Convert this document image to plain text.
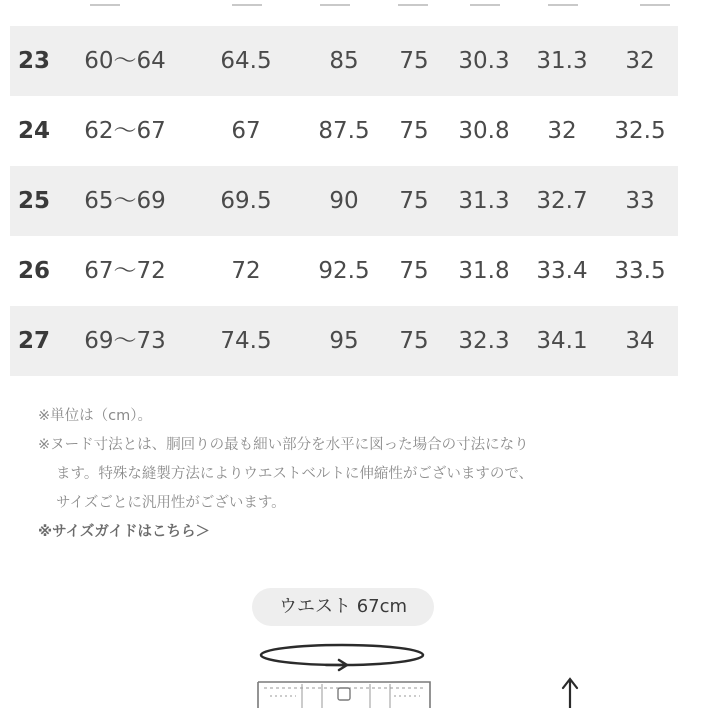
23	60〜64	64.5	85	75	30.3	31.3	32
24	62〜67	67	87.5	75	30.8	32	32.5
25	65〜69	69.5	90	75	31.3	32.7	33
26	67〜72	72	92.5	75	31.8	33.4	33.5
27	69〜73	74.5	95	75	32.3	34.1	34
※単位は（cm）。
※ヌード寸法とは、胴回りの最も細い部分を水平に図った場合の寸法になり
ます。特殊な縫製方法によりウエストベルトに伸縮性がございますので、
サイズごとに汎用性がございます。
※サイズガイドはこちら＞
ウエスト 67cm
